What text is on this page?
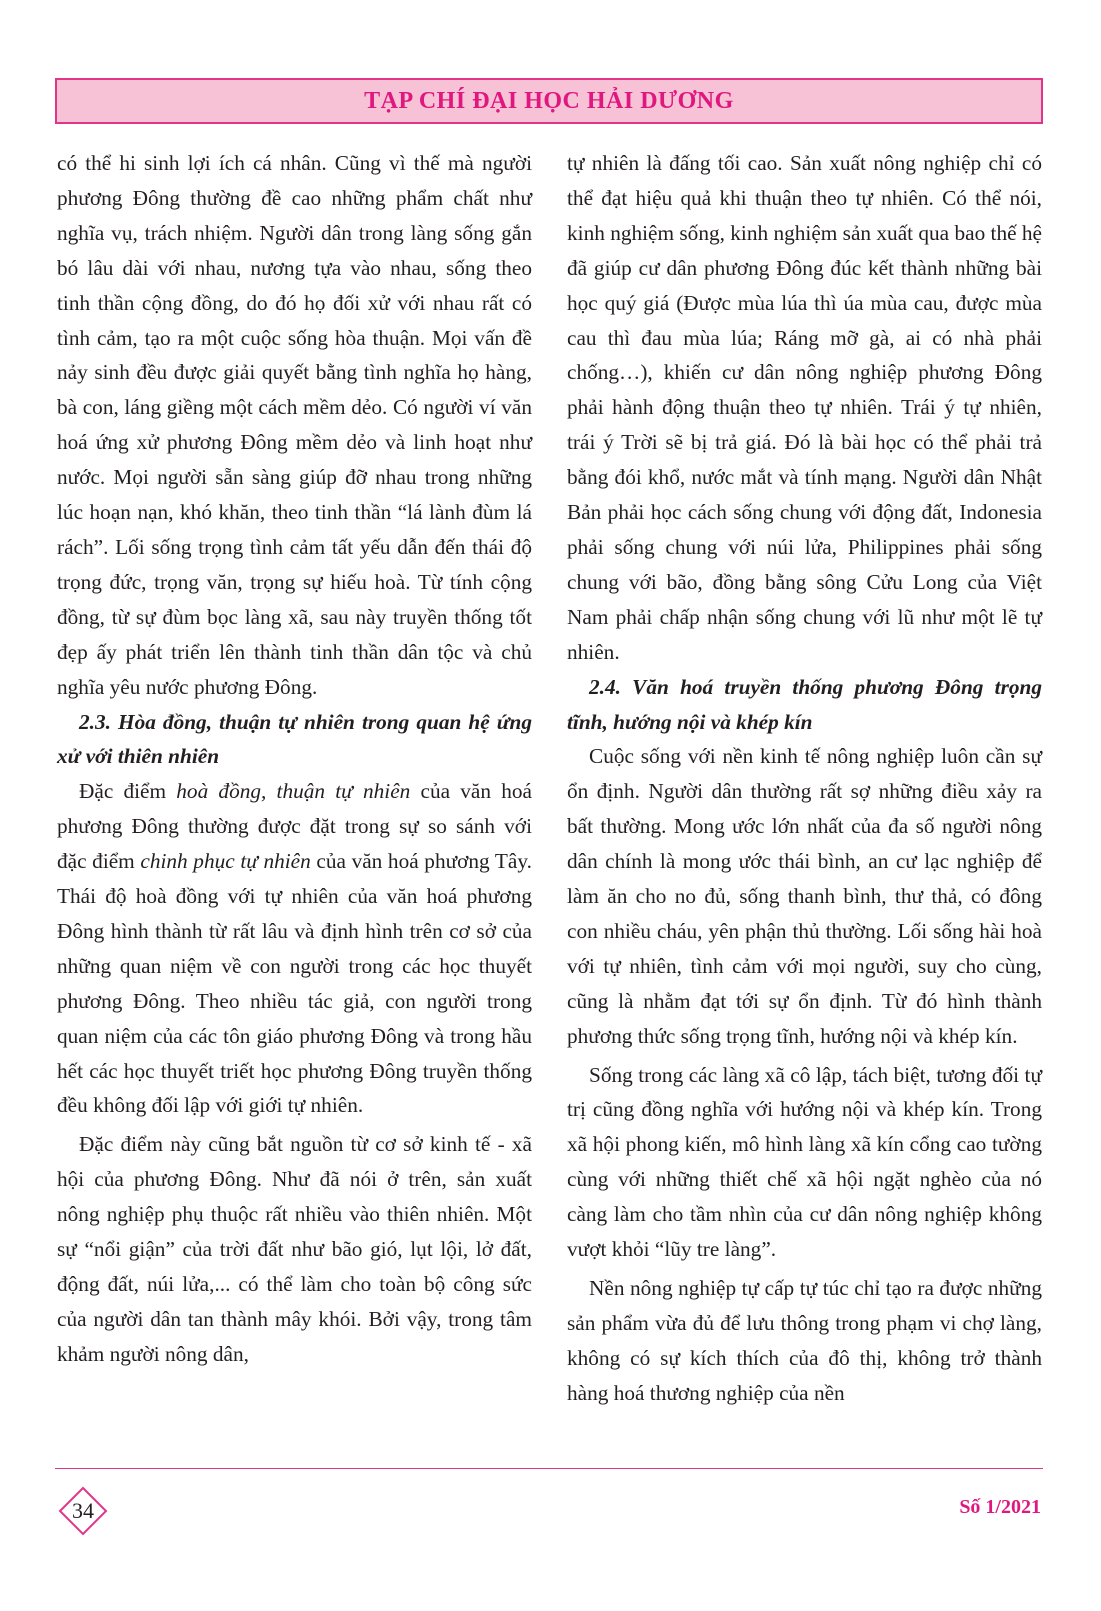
TẠP CHÍ ĐẠI HỌC HẢI DƯƠNG

có thể hi sinh lợi ích cá nhân. Cũng vì thế mà người phương Đông thường đề cao những phẩm chất như nghĩa vụ, trách nhiệm. Người dân trong làng sống gắn bó lâu dài với nhau, nương tựa vào nhau, sống theo tinh thần cộng đồng, do đó họ đối xử với nhau rất có tình cảm, tạo ra một cuộc sống hòa thuận. Mọi vấn đề nảy sinh đều được giải quyết bằng tình nghĩa họ hàng, bà con, láng giềng một cách mềm dẻo. Có người ví văn hoá ứng xử phương Đông mềm dẻo và linh hoạt như nước. Mọi người sẵn sàng giúp đỡ nhau trong những lúc hoạn nạn, khó khăn, theo tinh thần “lá lành đùm lá rách”. Lối sống trọng tình cảm tất yếu dẫn đến thái độ trọng đức, trọng văn, trọng sự hiếu hoà. Từ tính cộng đồng, từ sự đùm bọc làng xã, sau này truyền thống tốt đẹp ấy phát triển lên thành tinh thần dân tộc và chủ nghĩa yêu nước phương Đông.

2.3. Hòa đồng, thuận tự nhiên trong quan hệ ứng xử với thiên nhiên

Đặc điểm hoà đồng, thuận tự nhiên của văn hoá phương Đông thường được đặt trong sự so sánh với đặc điểm chinh phục tự nhiên của văn hoá phương Tây. Thái độ hoà đồng với tự nhiên của văn hoá phương Đông hình thành từ rất lâu và định hình trên cơ sở của những quan niệm về con người trong các học thuyết phương Đông. Theo nhiều tác giả, con người trong quan niệm của các tôn giáo phương Đông và trong hầu hết các học thuyết triết học phương Đông truyền thống đều không đối lập với giới tự nhiên.

Đặc điểm này cũng bắt nguồn từ cơ sở kinh tế - xã hội của phương Đông. Như đã nói ở trên, sản xuất nông nghiệp phụ thuộc rất nhiều vào thiên nhiên. Một sự “nổi giận” của trời đất như bão gió, lụt lội, lở đất, động đất, núi lửa,... có thể làm cho toàn bộ công sức của người dân tan thành mây khói. Bởi vậy, trong tâm khảm người nông dân,

tự nhiên là đấng tối cao. Sản xuất nông nghiệp chỉ có thể đạt hiệu quả khi thuận theo tự nhiên. Có thể nói, kinh nghiệm sống, kinh nghiệm sản xuất qua bao thế hệ đã giúp cư dân phương Đông đúc kết thành những bài học quý giá (Được mùa lúa thì úa mùa cau, được mùa cau thì đau mùa lúa; Ráng mỡ gà, ai có nhà phải chống…), khiến cư dân nông nghiệp phương Đông phải hành động thuận theo tự nhiên. Trái ý tự nhiên, trái ý Trời sẽ bị trả giá. Đó là bài học có thể phải trả bằng đói khổ, nước mắt và tính mạng. Người dân Nhật Bản phải học cách sống chung với động đất, Indonesia phải sống chung với núi lửa, Philippines phải sống chung với bão, đồng bằng sông Cửu Long của Việt Nam phải chấp nhận sống chung với lũ như một lẽ tự nhiên.

2.4. Văn hoá truyền thống phương Đông trọng tĩnh, hướng nội và khép kín

Cuộc sống với nền kinh tế nông nghiệp luôn cần sự ổn định. Người dân thường rất sợ những điều xảy ra bất thường. Mong ước lớn nhất của đa số người nông dân chính là mong ước thái bình, an cư lạc nghiệp để làm ăn cho no đủ, sống thanh bình, thư thả, có đông con nhiều cháu, yên phận thủ thường. Lối sống hài hoà với tự nhiên, tình cảm với mọi người, suy cho cùng, cũng là nhằm đạt tới sự ổn định. Từ đó hình thành phương thức sống trọng tĩnh, hướng nội và khép kín.

Sống trong các làng xã cô lập, tách biệt, tương đối tự trị cũng đồng nghĩa với hướng nội và khép kín. Trong xã hội phong kiến, mô hình làng xã kín cổng cao tường cùng với những thiết chế xã hội ngặt nghèo của nó càng làm cho tầm nhìn của cư dân nông nghiệp không vượt khỏi “lũy tre làng”.

Nền nông nghiệp tự cấp tự túc chỉ tạo ra được những sản phẩm vừa đủ để lưu thông trong phạm vi chợ làng, không có sự kích thích của đô thị, không trở thành hàng hoá thương nghiệp của nền

34	Số 1/2021
